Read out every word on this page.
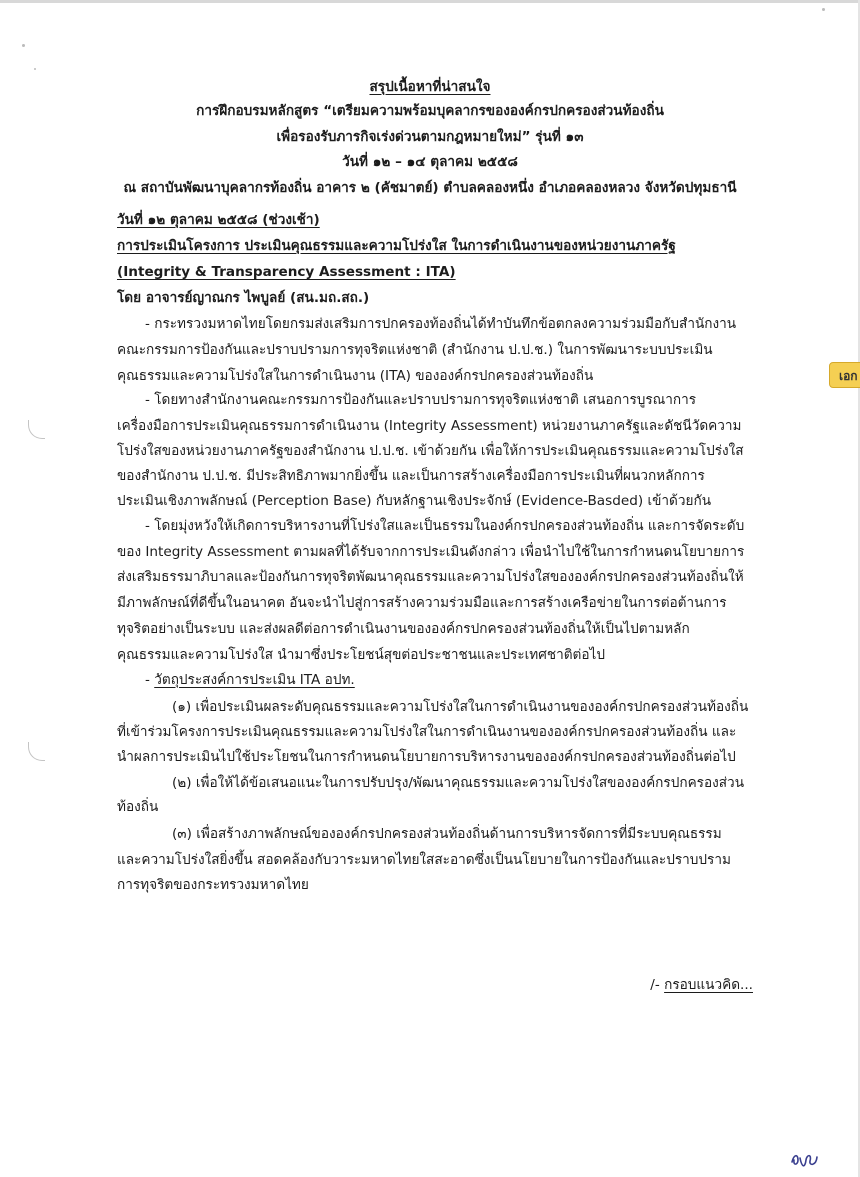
สรุปเนื้อหาที่น่าสนใจ
การฝึกอบรมหลักสูตร “เตรียมความพร้อมบุคลากรขององค์กรปกครองส่วนท้องถิ่น
เพื่อรองรับภารกิจเร่งด่วนตามกฎหมายใหม่” รุ่นที่ ๑๓
วันที่ ๑๒ – ๑๔ ตุลาคม ๒๕๕๘
ณ สถาบันพัฒนาบุคลากรท้องถิ่น อาคาร ๒ (คัชมาตย์) ตำบลคลองหนึ่ง อำเภอคลองหลวง จังหวัดปทุมธานี
วันที่ ๑๒ ตุลาคม ๒๕๕๘ (ช่วงเช้า)
การประเมินโครงการ ประเมินคุณธรรมและความโปร่งใส ในการดำเนินงานของหน่วยงานภาครัฐ
(Integrity & Transparency Assessment : ITA)
โดย อาจารย์ญาณกร ไพบูลย์ (สน.มถ.สถ.)
- กระทรวงมหาดไทยโดยกรมส่งเสริมการปกครองท้องถิ่นได้ทำบันทึกข้อตกลงความร่วมมือกับสำนักงาน
คณะกรรมการป้องกันและปราบปรามการทุจริตแห่งชาติ (สำนักงาน ป.ป.ช.) ในการพัฒนาระบบประเมิน
คุณธรรมและความโปร่งใสในการดำเนินงาน (ITA) ขององค์กรปกครองส่วนท้องถิ่น
- โดยทางสำนักงานคณะกรรมการป้องกันและปราบปรามการทุจริตแห่งชาติ เสนอการบูรณาการ
เครื่องมือการประเมินคุณธรรมการดำเนินงาน (Integrity Assessment) หน่วยงานภาครัฐและดัชนีวัดความ
โปร่งใสของหน่วยงานภาครัฐของสำนักงาน ป.ป.ช. เข้าด้วยกัน เพื่อให้การประเมินคุณธรรมและความโปร่งใส
ของสำนักงาน ป.ป.ช. มีประสิทธิภาพมากยิ่งขึ้น และเป็นการสร้างเครื่องมือการประเมินที่ผนวกหลักการ
ประเมินเชิงภาพลักษณ์ (Perception Base) กับหลักฐานเชิงประจักษ์ (Evidence-Basded) เข้าด้วยกัน
- โดยมุ่งหวังให้เกิดการบริหารงานที่โปร่งใสและเป็นธรรมในองค์กรปกครองส่วนท้องถิ่น และการจัดระดับ
ของ Integrity Assessment ตามผลที่ได้รับจากการประเมินดังกล่าว เพื่อนำไปใช้ในการกำหนดนโยบายการ
ส่งเสริมธรรมาภิบาลและป้องกันการทุจริตพัฒนาคุณธรรมและความโปร่งใสขององค์กรปกครองส่วนท้องถิ่นให้
มีภาพลักษณ์ที่ดีขึ้นในอนาคต อันจะนำไปสู่การสร้างความร่วมมือและการสร้างเครือข่ายในการต่อต้านการ
ทุจริตอย่างเป็นระบบ และส่งผลดีต่อการดำเนินงานขององค์กรปกครองส่วนท้องถิ่นให้เป็นไปตามหลัก
คุณธรรมและความโปร่งใส นำมาซึ่งประโยชน์สุขต่อประชาชนและประเทศชาติต่อไป
- วัตถุประสงค์การประเมิน ITA อปท.
(๑) เพื่อประเมินผลระดับคุณธรรมและความโปร่งใสในการดำเนินงานขององค์กรปกครองส่วนท้องถิ่น
ที่เข้าร่วมโครงการประเมินคุณธรรมและความโปร่งใสในการดำเนินงานขององค์กรปกครองส่วนท้องถิ่น และ
นำผลการประเมินไปใช้ประโยชนในการกำหนดนโยบายการบริหารงานขององค์กรปกครองส่วนท้องถิ่นต่อไป
(๒) เพื่อให้ได้ข้อเสนอแนะในการปรับปรุง/พัฒนาคุณธรรมและความโปร่งใสขององค์กรปกครองส่วน
ท้องถิ่น
(๓) เพื่อสร้างภาพลักษณ์ขององค์กรปกครองส่วนท้องถิ่นด้านการบริหารจัดการที่มีระบบคุณธรรม
และความโปร่งใสยิ่งขึ้น สอดคล้องกับวาระมหาดไทยใสสะอาดซึ่งเป็นนโยบายในการป้องกันและปราบปราม
การทุจริตของกระทรวงมหาดไทย
/- กรอบแนวคิด...
เอก
